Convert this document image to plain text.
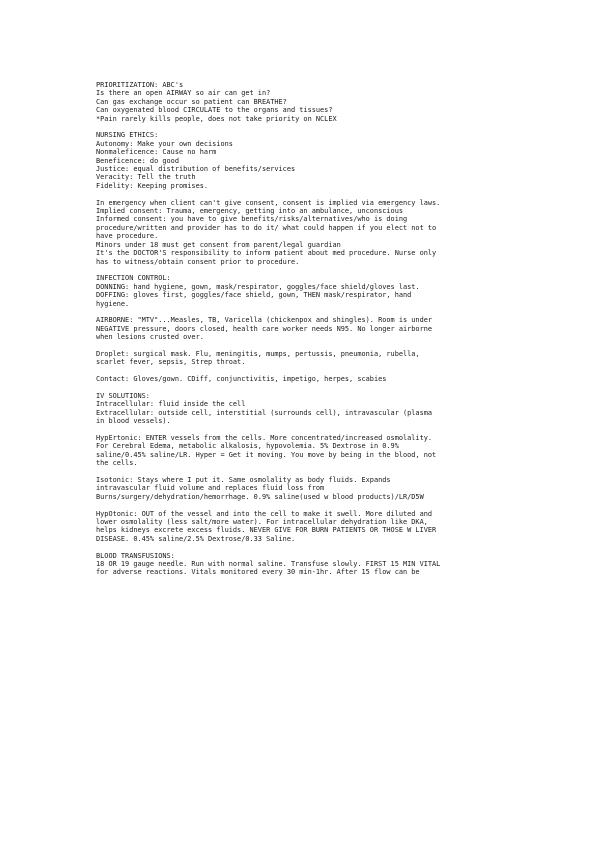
PRIORITIZATION: ABC's
Is there an open AIRWAY so air can get in?
Can gas exchange occur so patient can BREATHE?
Can oxygenated blood CIRCULATE to the organs and tissues?
*Pain rarely kills people, does not take priority on NCLEX
NURSING ETHICS:
Autonomy: Make your own decisions
Nonmaleficence: Cause no harm
Beneficence: do good
Justice: equal distribution of benefits/services
Veracity: Tell the truth
Fidelity: Keeping promises.
In emergency when client can't give consent, consent is implied via emergency laws.
Implied consent: Trauma, emergency, getting into an ambulance, unconscious
Informed consent: you have to give benefits/risks/alternatives/who is doing
procedure/written and provider has to do it/ what could happen if you elect not to
have procedure.
Minors under 18 must get consent from parent/legal guardian
It's the DOCTOR'S responsibility to inform patient about med procedure. Nurse only
has to witness/obtain consent prior to procedure.
INFECTION CONTROL:
DONNING: hand hygiene, gown, mask/respirator, goggles/face shield/gloves last.
DOFFING: gloves first, goggles/face shield, gown, THEN mask/respirator, hand
hygiene.
AIRBORNE: "MTV"...Measles, TB, Varicella (chickenpox and shingles). Room is under
NEGATIVE pressure, doors closed, health care worker needs N95. No longer airborne
when lesions crusted over.
Droplet: surgical mask. Flu, meningitis, mumps, pertussis, pneumonia, rubella,
scarlet fever, sepsis, Strep throat.
Contact: Gloves/gown. CDiff, conjunctivitis, impetigo, herpes, scabies
IV SOLUTIONS:
Intracellular: fluid inside the cell
Extracellular: outside cell, interstitial (surrounds cell), intravascular (plasma
in blood vessels).
HypErtonic: ENTER vessels from the cells. More concentrated/increased osmolality.
For Cerebral Edema, metabolic alkalosis, hypovolemia. 5% Dextrose in 0.9%
saline/0.45% saline/LR. Hyper = Get it moving. You move by being in the blood, not
the cells.
Isotonic: Stays where I put it. Same osmolality as body fluids. Expands
intravascular fluid volume and replaces fluid loss from
Burns/surgery/dehydration/hemorrhage. 0.9% saline(used w blood products)/LR/D5W
HypOtonic: OUT of the vessel and into the cell to make it swell. More diluted and
lower osmolality (less salt/more water). For intracellular dehydration like DKA,
helps kidneys excrete excess fluids. NEVER GIVE FOR BURN PATIENTS OR THOSE W LIVER
DISEASE. 0.45% saline/2.5% Dextrose/0.33 Saline.
BLOOD TRANSFUSIONS:
18 OR 19 gauge needle. Run with normal saline. Transfuse slowly. FIRST 15 MIN VITAL
for adverse reactions. Vitals monitored every 30 min-1hr. After 15 flow can be
